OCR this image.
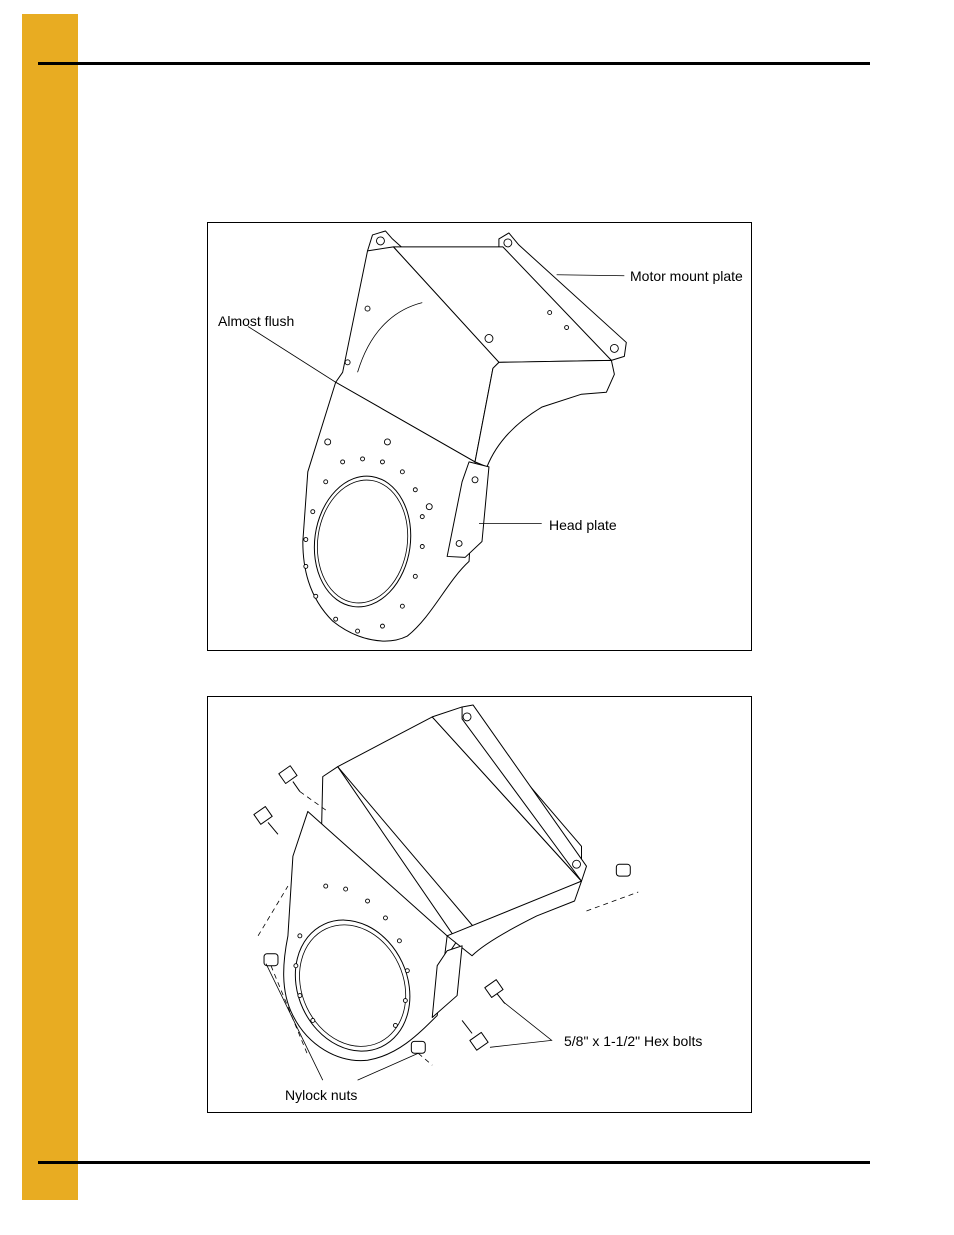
Motor mount plate
Almost flush
Head plate
5/8" x 1-1/2" Hex bolts
Nylock nuts
